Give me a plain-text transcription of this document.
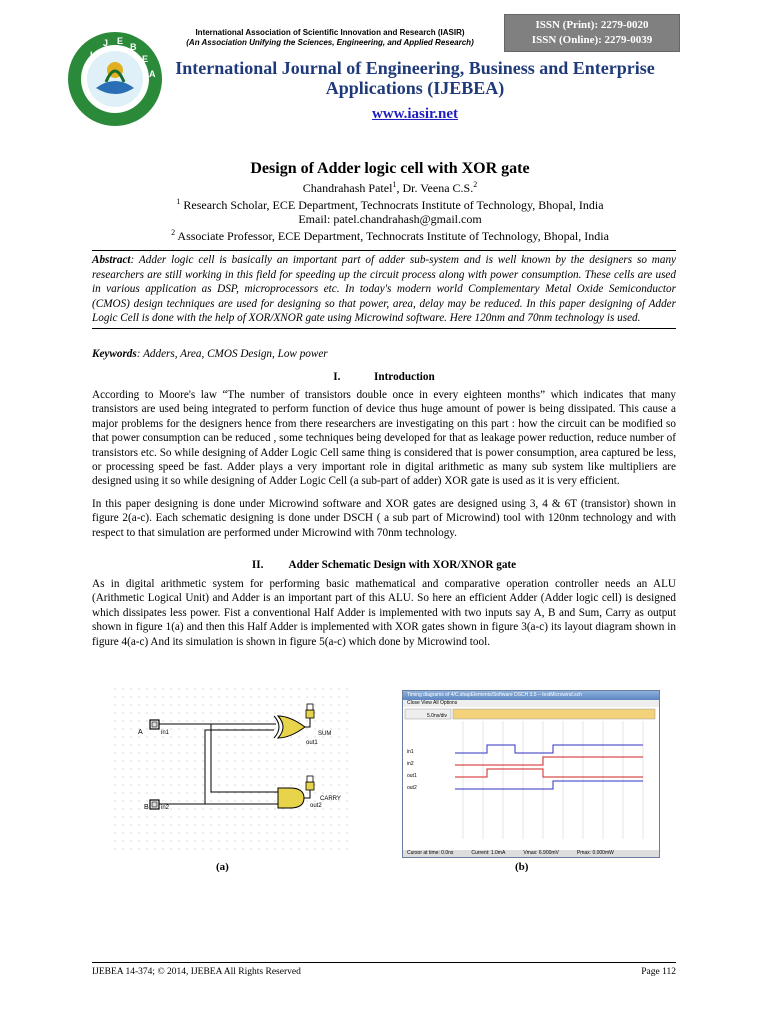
International Association of Scientific Innovation and Research (IASIR)
(An Association Unifying the Sciences, Engineering, and Applied Research)
ISSN (Print): 2279-0020
ISSN (Online): 2279-0039
I
J E
B
E
A International Journal of Engineering, Business and Enterprise
Applications (IJEBEA)
www.iasir.net
Design of Adder logic cell with XOR gate
Chandrahash Patel$^1$, Dr. Veena C.S.$^2$
$^1$ Research Scholar, ECE Department, Technocrats Institute of Technology, Bhopal, India
Email: patel.chandrahash@gmail.com
$^2$ Associate Professor, ECE Department, Technocrats Institute of Technology, Bhopal, India
Abstract: Adder logic cell is basically an important part of adder sub-system and is well known by the designers so many researchers are still working in this field for speeding up the circuit process along with power consumption. These cells are used in various application as DSP, microprocessors etc. In today's modern world Complementary Metal Oxide Semiconductor (CMOS) design techniques are used for designing so that power, area, delay may be reduced. In this paper designing of Adder Logic Cell is done with the help of XOR/XNOR gate using Microwind software. Here 120nm and 70nm technology is used.
Keywords: Adders, Area, CMOS Design, Low power
I.	Introduction
According to Moore's law “The number of transistors double once in every eighteen months” which indicates that many transistors are used being integrated to perform function of device thus huge amount of power is being dissipated. This cause a major problems for the designers hence from there researchers are investigating on this part : how the circuit can be modified so that power consumption can be reduced , some techniques being developed for that as leakage power reduction, reduce number of transistors etc. So while designing of Adder Logic Cell same thing is considered that is power consumption, area captured be less, or processing speed be fast. Adder plays a very important role in digital arithmetic as many sub system like multipliers are designed using it so while designing of Adder Logic Cell (a sub-part of adder) XOR gate is used as it is very efficient.
In this paper designing is done under Microwind software and XOR gates are designed using 3, 4 & 6T (transistor) shown in figure 2(a-c). Each schematic designing is done under DSCH ( a sub part of Microwind) tool with 120nm technology and with respect to that simulation are performed under Microwind with 70nm technology.
II. Adder Schematic Design with XOR/XNOR gate
As in digital arithmetic system for performing basic mathematical and comparative operation controller needs an ALU (Arithmetic Logical Unit) and Adder is an important part of this ALU. So here an efficient Adder (Adder logic cell) is designed which dissipates less power. Fist a conventional Half Adder is implemented with two inputs say A, B and Sum, Carry as output shown in figure 1(a) and then this Half Adder is implemented with XOR gates shown in figure 3(a-c) its layout diagram shown in figure 4(a-c) And its simulation is shown in figure 5(a-c) which done by Microwind tool.
A	in1
B in2
SUM
out1
CARRY
out2
(a)
Timing diagrams of 4/C.shapElements/Software DSCH 3.5 – testMicrowind.sch
Close View All Options
5.0ns/div
in1
in2
out1
out2
Cursor at time: 0.0ns	Current: 1.0mA	Vmax: 6.900mV	Pmax: 0.000mW
(b)
IJEBEA 14-374; © 2014, IJEBEA All Rights Reserved	Page 112
